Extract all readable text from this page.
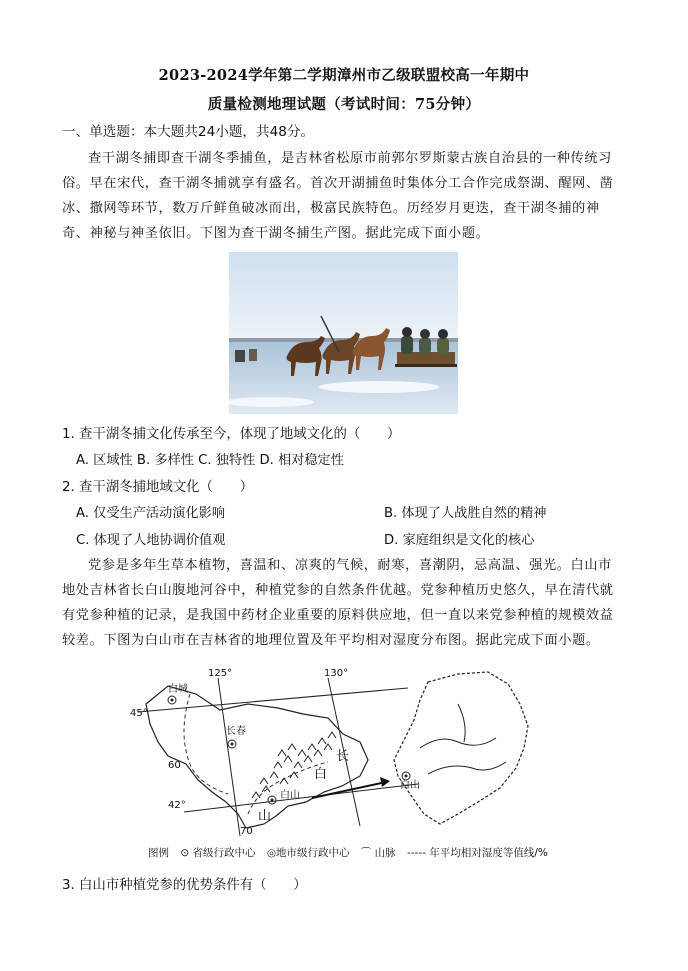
2023-2024学年第二学期漳州市乙级联盟校高一年期中
质量检测地理试题（考试时间：75分钟）
一、单选题：本大题共24小题，共48分。
查干湖冬捕即查干湖冬季捕鱼，是吉林省松原市前郭尔罗斯蒙古族自治县的一种传统习
俗。早在宋代，查干湖冬捕就享有盛名。首次开湖捕鱼时集体分工合作完成祭湖、醒网、凿
冰、撒网等环节，数万斤鲜鱼破冰而出，极富民族特色。历经岁月更迭，查干湖冬捕的神
奇、神秘与神圣依旧。下图为查干湖冬捕生产图。据此完成下面小题。
1. 查干湖冬捕文化传承至今，体现了地域文化的（　　）
A. 区域性 B. 多样性 C. 独特性 D. 相对稳定性
2. 查干湖冬捕地域文化（　　）
A. 仅受生产活动演化影响	B. 体现了人战胜自然的精神
C. 体现了人地协调价值观	D. 家庭组织是文化的核心
党参是多年生草本植物，喜温和、凉爽的气候，耐寒，喜潮阴，忌高温、强光。白山市
地处吉林省长白山腹地河谷中，种植党参的自然条件优越。党参种植历史悠久，早在清代就
有党参种植的记录，是我国中药材企业重要的原料供应地，但一直以来党参种植的规模效益
较差。下图为白山市在吉林省的地理位置及年平均相对湿度分布图。据此完成下面小题。
125°	130°
45°
42°
60
70
白城
长春
白山
白山
长
白
山
图例 ⊙ 省级行政中心 ◎地市级行政中心 ⌒ 山脉 ----- 年平均相对湿度等值线/%
3. 白山市种植党参的优势条件有（　　）
